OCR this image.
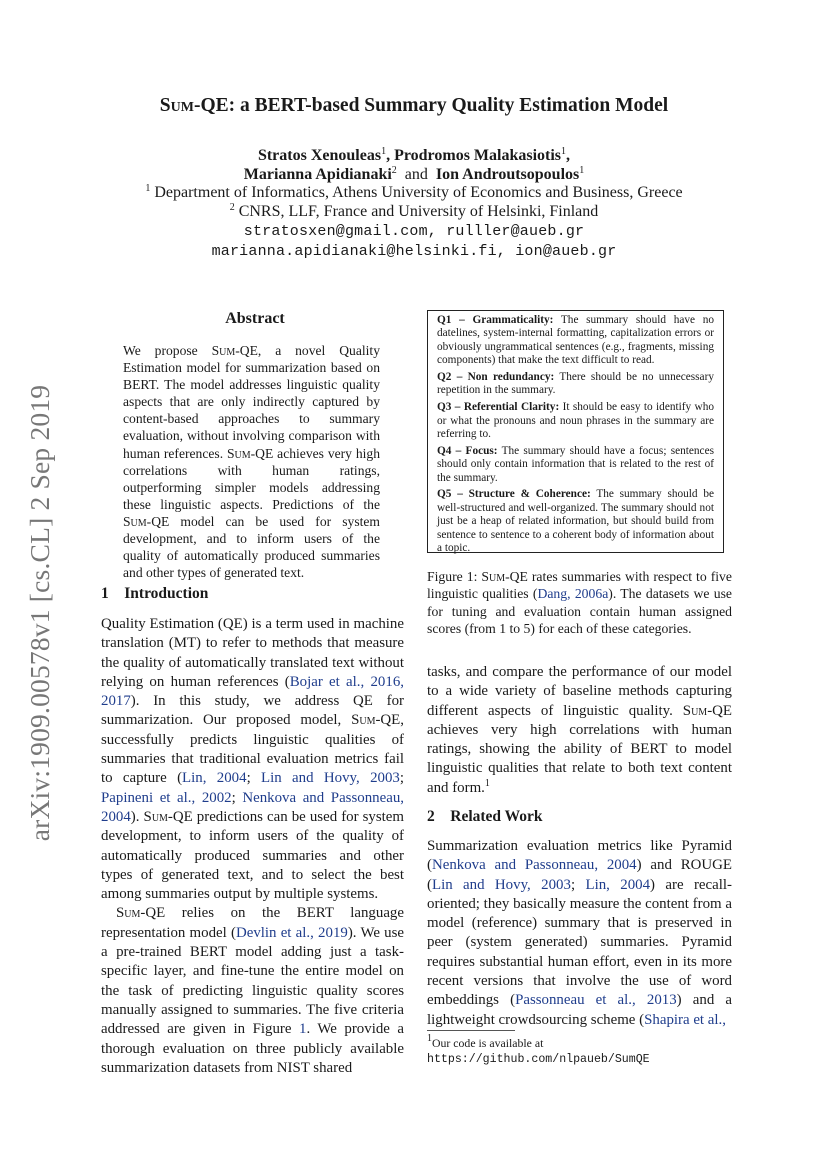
arXiv:1909.00578v1 [cs.CL] 2 Sep 2019
Sum-QE: a BERT-based Summary Quality Estimation Model
Stratos Xenouleas$^1$, Prodromos Malakasiotis$^1$,
Marianna Apidianaki$^2$ and Ion Androutsopoulos$^1$
$^1$ Department of Informatics, Athens University of Economics and Business, Greece
$^2$ CNRS, LLF, France and University of Helsinki, Finland
stratosxen@gmail.com, rulller@aueb.gr
marianna.apidianaki@helsinki.fi, ion@aueb.gr
Abstract
We propose Sum-QE, a novel Quality Estimation model for summarization based on BERT. The model addresses linguistic quality aspects that are only indirectly captured by content-based approaches to summary evaluation, without involving comparison with human references. Sum-QE achieves very high correlations with human ratings, outperforming simpler models addressing these linguistic aspects. Predictions of the Sum-QE model can be used for system development, and to inform users of the quality of automatically produced summaries and other types of generated text.
1 Introduction

Quality Estimation (QE) is a term used in machine translation (MT) to refer to methods that measure the quality of automatically translated text without relying on human references (Bojar et al., 2016, 2017). In this study, we address QE for summarization. Our proposed model, Sum-QE, successfully predicts linguistic qualities of summaries that traditional evaluation metrics fail to capture (Lin, 2004; Lin and Hovy, 2003; Papineni et al., 2002; Nenkova and Passonneau, 2004). Sum-QE predictions can be used for system development, to inform users of the quality of automatically produced summaries and other types of generated text, and to select the best among summaries output by multiple systems.

Sum-QE relies on the BERT language representation model (Devlin et al., 2019). We use a pre-trained BERT model adding just a task-specific layer, and fine-tune the entire model on the task of predicting linguistic quality scores manually assigned to summaries. The five criteria addressed are given in Figure 1. We provide a thorough evaluation on three publicly available summarization datasets from NIST shared

Q1 – Grammaticality: The summary should have no datelines, system-internal formatting, capitalization errors or obviously ungrammatical sentences (e.g., fragments, missing components) that make the text difficult to read.

Q2 – Non redundancy: There should be no unnecessary repetition in the summary.

Q3 – Referential Clarity: It should be easy to identify who or what the pronouns and noun phrases in the summary are referring to.

Q4 – Focus: The summary should have a focus; sentences should only contain information that is related to the rest of the summary.

Q5 – Structure & Coherence: The summary should be well-structured and well-organized. The summary should not just be a heap of related information, but should build from sentence to sentence to a coherent body of information about a topic.

Figure 1: Sum-QE rates summaries with respect to five linguistic qualities (Dang, 2006a). The datasets we use for tuning and evaluation contain human assigned scores (from 1 to 5) for each of these categories.

tasks, and compare the performance of our model to a wide variety of baseline methods capturing different aspects of linguistic quality. Sum-QE achieves very high correlations with human ratings, showing the ability of BERT to model linguistic qualities that relate to both text content and form.$^1$

2 Related Work

Summarization evaluation metrics like Pyramid (Nenkova and Passonneau, 2004) and ROUGE (Lin and Hovy, 2003; Lin, 2004) are recall-oriented; they basically measure the content from a model (reference) summary that is preserved in peer (system generated) summaries. Pyramid requires substantial human effort, even in its more recent versions that involve the use of word embeddings (Passonneau et al., 2013) and a lightweight crowdsourcing scheme (Shapira et al.,

$^1$Our code is available at https://github.com/nlpaueb/SumQE
